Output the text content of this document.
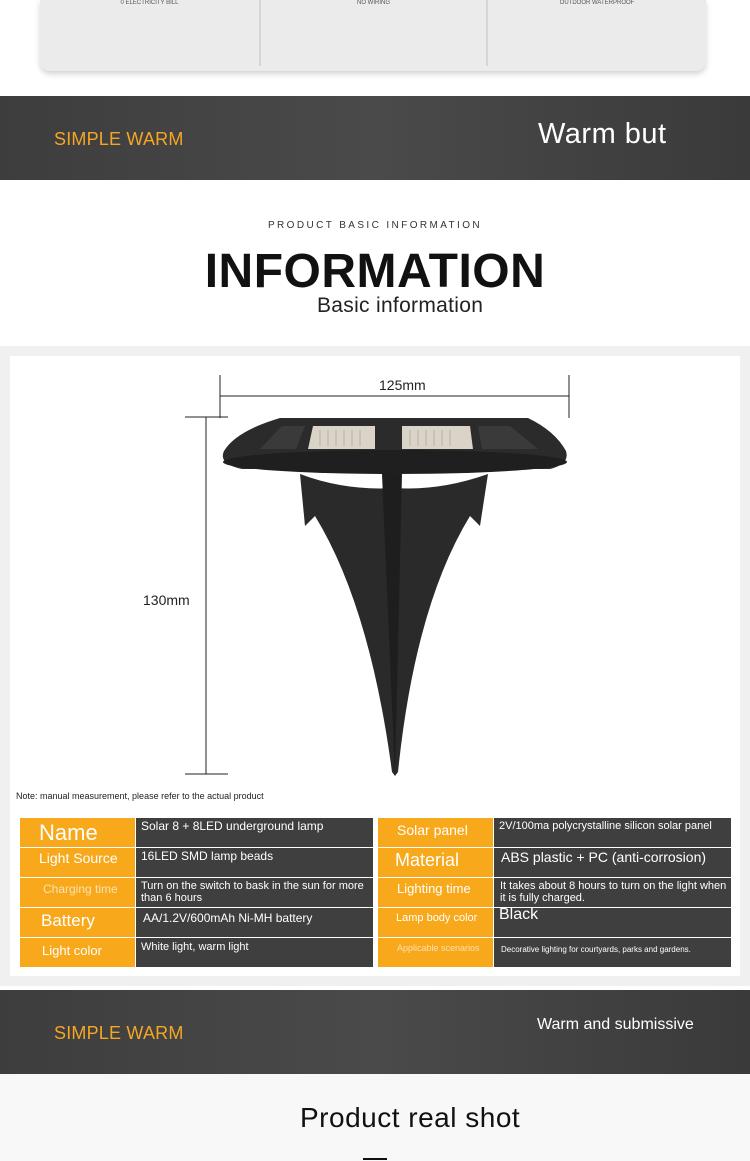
0 ELECTRICITY BILL	NO WIRING	OUTDOOR WATERPROOF
SIMPLE WARM	Warm but
PRODUCT BASIC INFORMATION
INFORMATION
Basic information
125mm
130mm
Note: manual measurement, please refer to the actual product
Name	Solar 8 + 8LED underground lamp
Light Source	16LED SMD lamp beads
Charging time	Turn on the switch to bask in the sun for more than 6 hours
Battery	AA/1.2V/600mAh Ni-MH battery
Light color	White light, warm light
Solar panel	2V/100ma polycrystalline silicon solar panel
Material	ABS plastic + PC (anti-corrosion)
Lighting time	It takes about 8 hours to turn on the light when it is fully charged.
Lamp body color	Black
Applicable scenarios	Decorative lighting for courtyards, parks and gardens.
SIMPLE WARM	Warm and submissive
Product real shot
